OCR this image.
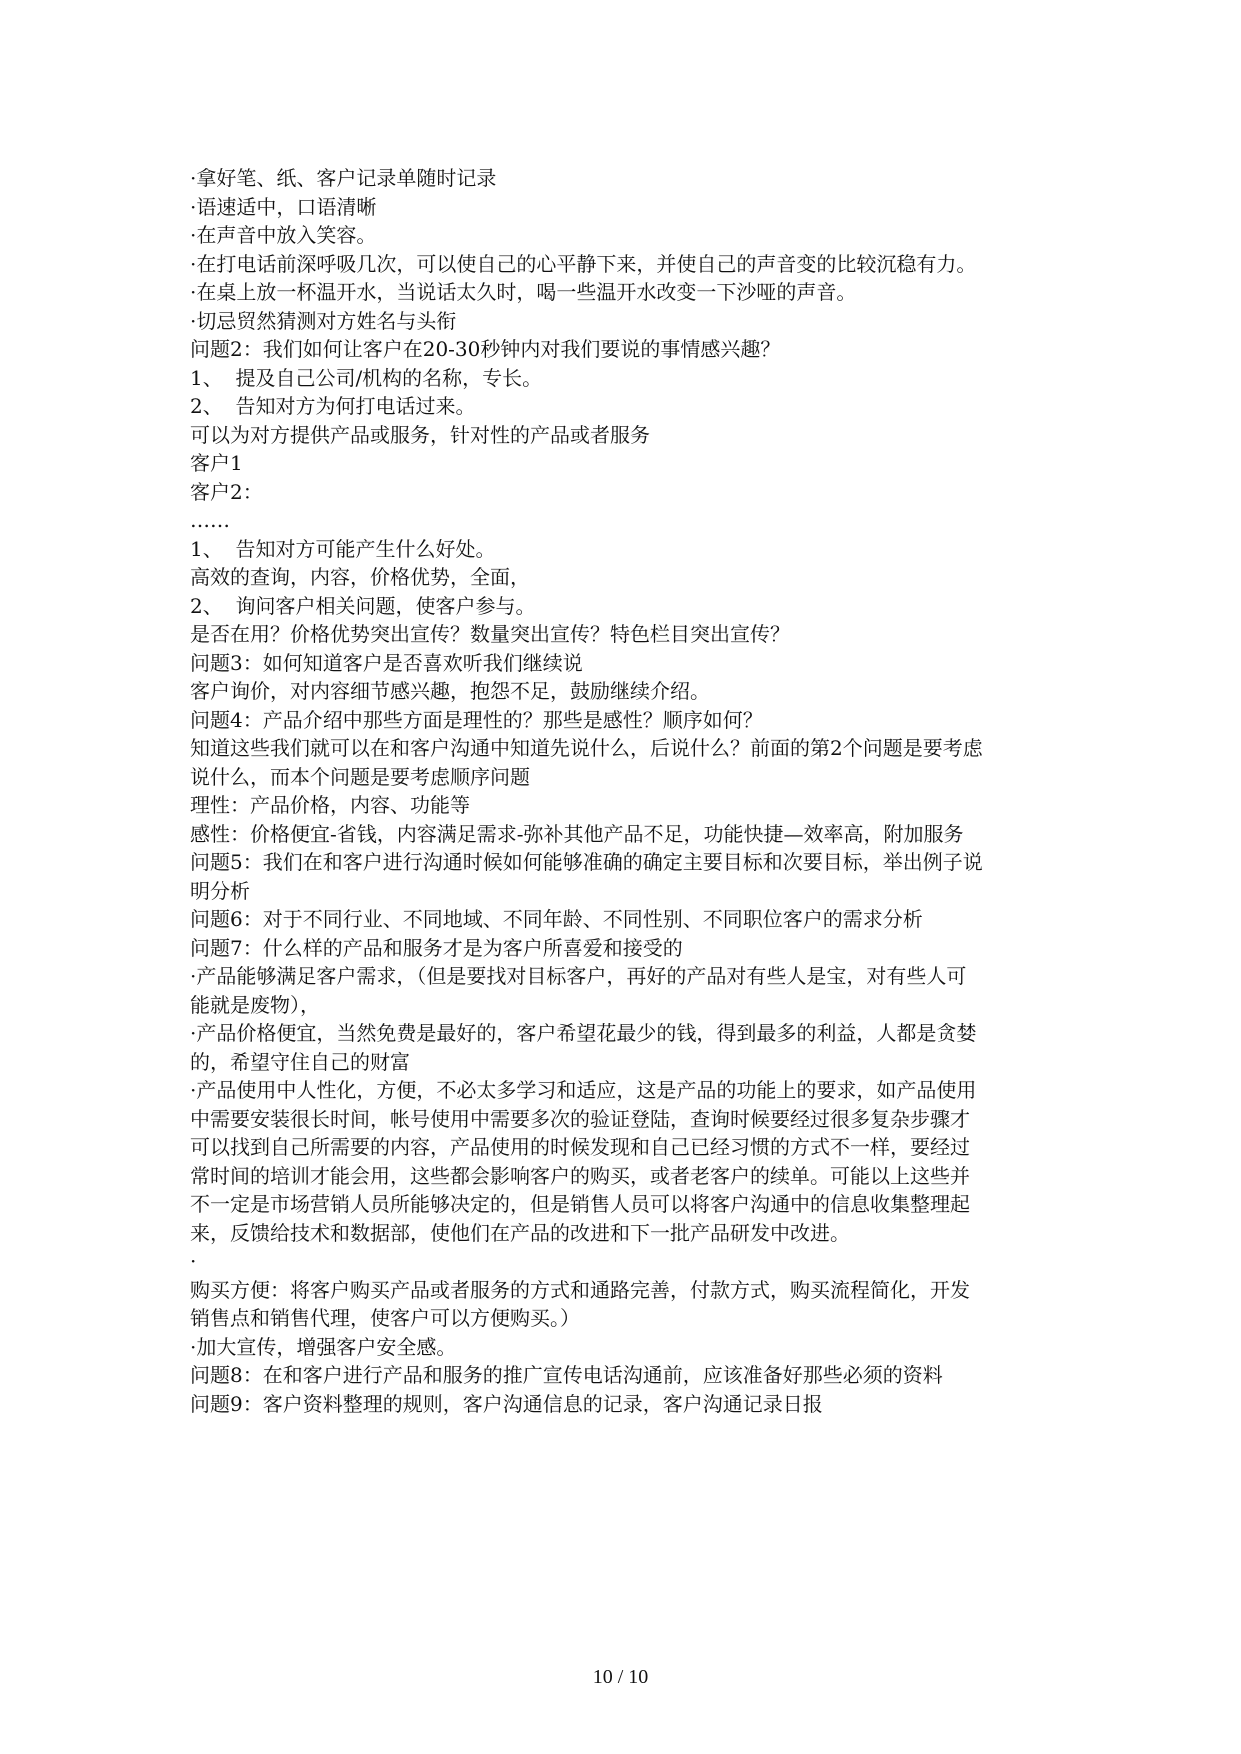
·拿好笔、纸、客户记录单随时记录

·语速适中，口语清晰

·在声音中放入笑容。

·在打电话前深呼吸几次，可以使自己的心平静下来，并使自己的声音变的比较沉稳有力。

·在桌上放一杯温开水，当说话太久时，喝一些温开水改变一下沙哑的声音。

·切忌贸然猜测对方姓名与头衔

问题2：我们如何让客户在20-30秒钟内对我们要说的事情感兴趣？

1、  提及自己公司/机构的名称，专长。

2、  告知对方为何打电话过来。

可以为对方提供产品或服务，针对性的产品或者服务

客户1

客户2：

……

1、  告知对方可能产生什么好处。

高效的查询，内容，价格优势，全面，

2、  询问客户相关问题，使客户参与。

是否在用？价格优势突出宣传？数量突出宣传？特色栏目突出宣传？

问题3：如何知道客户是否喜欢听我们继续说

客户询价，对内容细节感兴趣，抱怨不足，鼓励继续介绍。

问题4：产品介绍中那些方面是理性的？那些是感性？顺序如何？

知道这些我们就可以在和客户沟通中知道先说什么，后说什么？前面的第2个问题是要考虑

说什么，而本个问题是要考虑顺序问题

理性：产品价格，内容、功能等

感性：价格便宜-省钱，内容满足需求-弥补其他产品不足，功能快捷—效率高，附加服务

问题5：我们在和客户进行沟通时候如何能够准确的确定主要目标和次要目标，举出例子说

明分析

问题6：对于不同行业、不同地域、不同年龄、不同性别、不同职位客户的需求分析

问题7：什么样的产品和服务才是为客户所喜爱和接受的

·产品能够满足客户需求，（但是要找对目标客户，再好的产品对有些人是宝，对有些人可

能就是废物），

·产品价格便宜，当然免费是最好的，客户希望花最少的钱，得到最多的利益，人都是贪婪

的，希望守住自己的财富

·产品使用中人性化，方便，不必太多学习和适应，这是产品的功能上的要求，如产品使用

中需要安装很长时间，帐号使用中需要多次的验证登陆，查询时候要经过很多复杂步骤才

可以找到自己所需要的内容，产品使用的时候发现和自己已经习惯的方式不一样，要经过

常时间的培训才能会用，这些都会影响客户的购买，或者老客户的续单。可能以上这些并

不一定是市场营销人员所能够决定的，但是销售人员可以将客户沟通中的信息收集整理起

来，反馈给技术和数据部，使他们在产品的改进和下一批产品研发中改进。

·

购买方便：将客户购买产品或者服务的方式和通路完善，付款方式，购买流程简化，开发

销售点和销售代理，使客户可以方便购买。）

·加大宣传，增强客户安全感。

问题8：在和客户进行产品和服务的推广宣传电话沟通前，应该准备好那些必须的资料

问题9：客户资料整理的规则，客户沟通信息的记录，客户沟通记录日报

10 / 10
